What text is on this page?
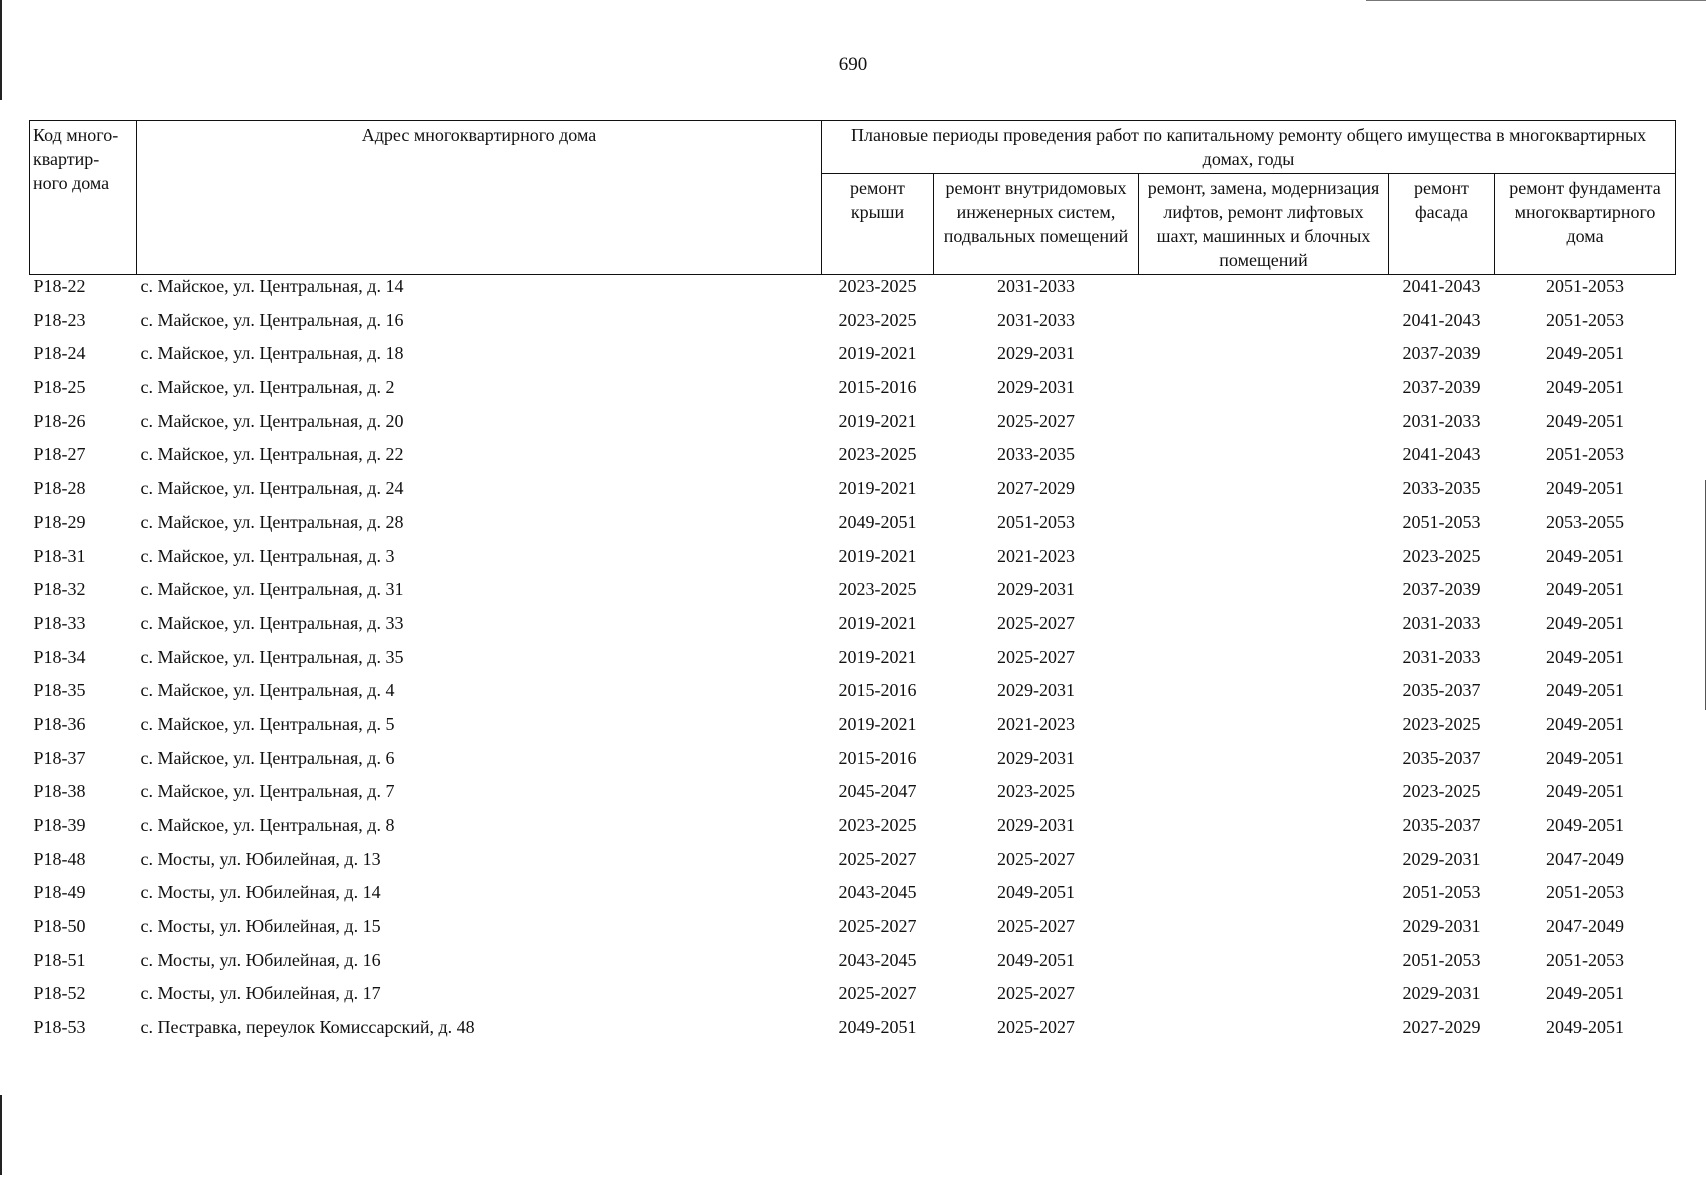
690
Код много-квартир-ного дома	Адрес многоквартирного дома	Плановые периоды проведения работ по капитальному ремонту общего имущества в многоквартирных домах, годы				
		ремонт крыши	ремонт внутридомовых инженерных систем, подвальных помещений	ремонт, замена, модернизация лифтов, ремонт лифтовых шахт, машинных и блочных помещений	ремонт фасада	ремонт фундамента многоквартирного дома
P18-22	с. Майское, ул. Центральная, д. 14	2023-2025	2031-2033		2041-2043	2051-2053
P18-23	с. Майское, ул. Центральная, д. 16	2023-2025	2031-2033		2041-2043	2051-2053
P18-24	с. Майское, ул. Центральная, д. 18	2019-2021	2029-2031		2037-2039	2049-2051
P18-25	с. Майское, ул. Центральная, д. 2	2015-2016	2029-2031		2037-2039	2049-2051
P18-26	с. Майское, ул. Центральная, д. 20	2019-2021	2025-2027		2031-2033	2049-2051
P18-27	с. Майское, ул. Центральная, д. 22	2023-2025	2033-2035		2041-2043	2051-2053
P18-28	с. Майское, ул. Центральная, д. 24	2019-2021	2027-2029		2033-2035	2049-2051
P18-29	с. Майское, ул. Центральная, д. 28	2049-2051	2051-2053		2051-2053	2053-2055
P18-31	с. Майское, ул. Центральная, д. 3	2019-2021	2021-2023		2023-2025	2049-2051
P18-32	с. Майское, ул. Центральная, д. 31	2023-2025	2029-2031		2037-2039	2049-2051
P18-33	с. Майское, ул. Центральная, д. 33	2019-2021	2025-2027		2031-2033	2049-2051
P18-34	с. Майское, ул. Центральная, д. 35	2019-2021	2025-2027		2031-2033	2049-2051
P18-35	с. Майское, ул. Центральная, д. 4	2015-2016	2029-2031		2035-2037	2049-2051
P18-36	с. Майское, ул. Центральная, д. 5	2019-2021	2021-2023		2023-2025	2049-2051
P18-37	с. Майское, ул. Центральная, д. 6	2015-2016	2029-2031		2035-2037	2049-2051
P18-38	с. Майское, ул. Центральная, д. 7	2045-2047	2023-2025		2023-2025	2049-2051
P18-39	с. Майское, ул. Центральная, д. 8	2023-2025	2029-2031		2035-2037	2049-2051
P18-48	с. Мосты, ул. Юбилейная, д. 13	2025-2027	2025-2027		2029-2031	2047-2049
P18-49	с. Мосты, ул. Юбилейная, д. 14	2043-2045	2049-2051		2051-2053	2051-2053
P18-50	с. Мосты, ул. Юбилейная, д. 15	2025-2027	2025-2027		2029-2031	2047-2049
P18-51	с. Мосты, ул. Юбилейная, д. 16	2043-2045	2049-2051		2051-2053	2051-2053
P18-52	с. Мосты, ул. Юбилейная, д. 17	2025-2027	2025-2027		2029-2031	2049-2051
P18-53	с. Пестравка, переулок Комиссарский, д. 48	2049-2051	2025-2027		2027-2029	2049-2051
